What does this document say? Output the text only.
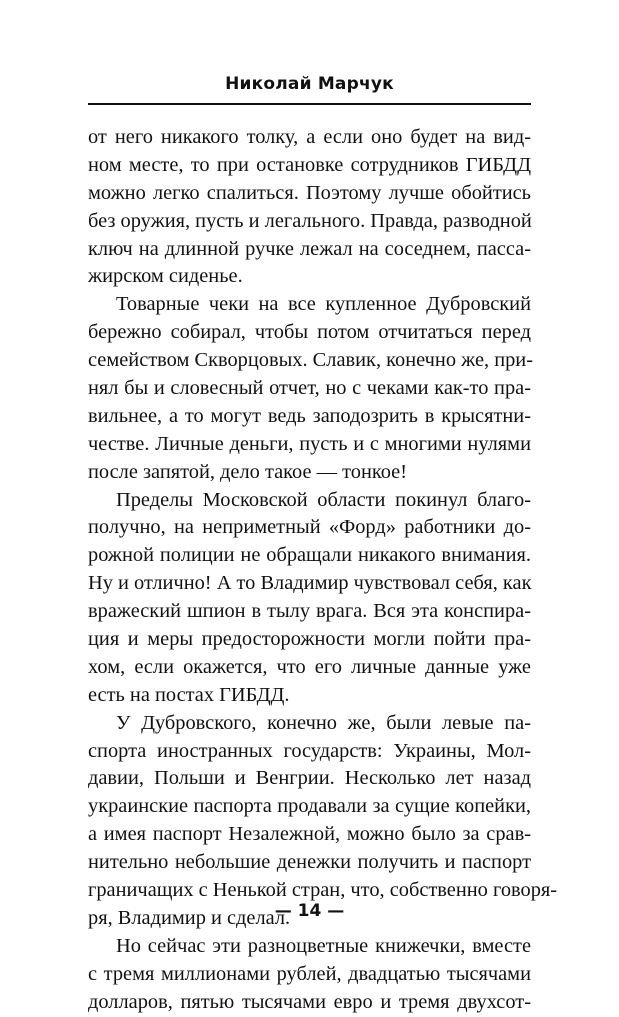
Николай Марчук
от него никакого толку, а если оно будет на вид-
ном месте, то при остановке сотрудников ГИБДД
можно легко спалиться. Поэтому лучше обойтись
без оружия, пусть и легального. Правда, разводной
ключ на длинной ручке лежал на соседнем, пасса-
жирском сиденье.
Товарные чеки на все купленное Дубровский
бережно собирал, чтобы потом отчитаться перед
семейством Скворцовых. Славик, конечно же, при-
нял бы и словесный отчет, но с чеками как-то пра-
вильнее, а то могут ведь заподозрить в крысятни-
честве. Личные деньги, пусть и с многими нулями
после запятой, дело такое — тонкое!
Пределы Московской области покинул благо-
получно, на неприметный «Форд» работники до-
рожной полиции не обращали никакого внимания.
Ну и отлично! А то Владимир чувствовал себя, как
вражеский шпион в тылу врага. Вся эта конспира-
ция и меры предосторожности могли пойти пра-
хом, если окажется, что его личные данные уже
есть на постах ГИБДД.
У Дубровского, конечно же, были левые па-
спорта иностранных государств: Украины, Мол-
давии, Польши и Венгрии. Несколько лет назад
украинские паспорта продавали за сущие копейки,
а имея паспорт Незалежной, можно было за срав-
нительно небольшие денежки получить и паспорт
граничащих с Ненькой стран, что, собственно говоря-
ря, Владимир и сделал.
Но сейчас эти разноцветные книжечки, вместе
с тремя миллионами рублей, двадцатью тысячами
долларов, пятью тысячами евро и тремя двухсот-
— 14 —
